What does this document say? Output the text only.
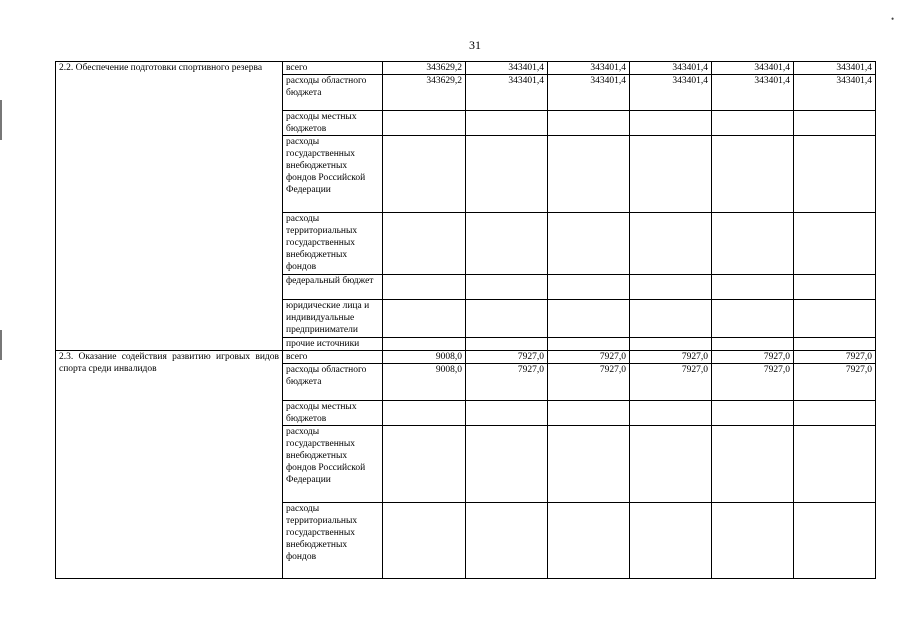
31
•
2.2. Обеспечение подготовки спортивного резерва	всего	343629,2	343401,4	343401,4	343401,4	343401,4	343401,4
	расходы областного бюджета	343629,2	343401,4	343401,4	343401,4	343401,4	343401,4
	расходы местных бюджетов						
	расходы государственных внебюджетных фондов Российской Федерации						
	расходы территориальных государственных внебюджетных фондов						
	федеральный бюджет						
	юридические лица и индивидуальные предприниматели						
	прочие источники						
2.3. Оказание содействия развитию игровых видов спорта среди инвалидов	всего	9008,0	7927,0	7927,0	7927,0	7927,0	7927,0
	расходы областного бюджета	9008,0	7927,0	7927,0	7927,0	7927,0	7927,0
	расходы местных бюджетов						
	расходы государственных внебюджетных фондов Российской Федерации						
	расходы территориальных государственных внебюджетных фондов						
